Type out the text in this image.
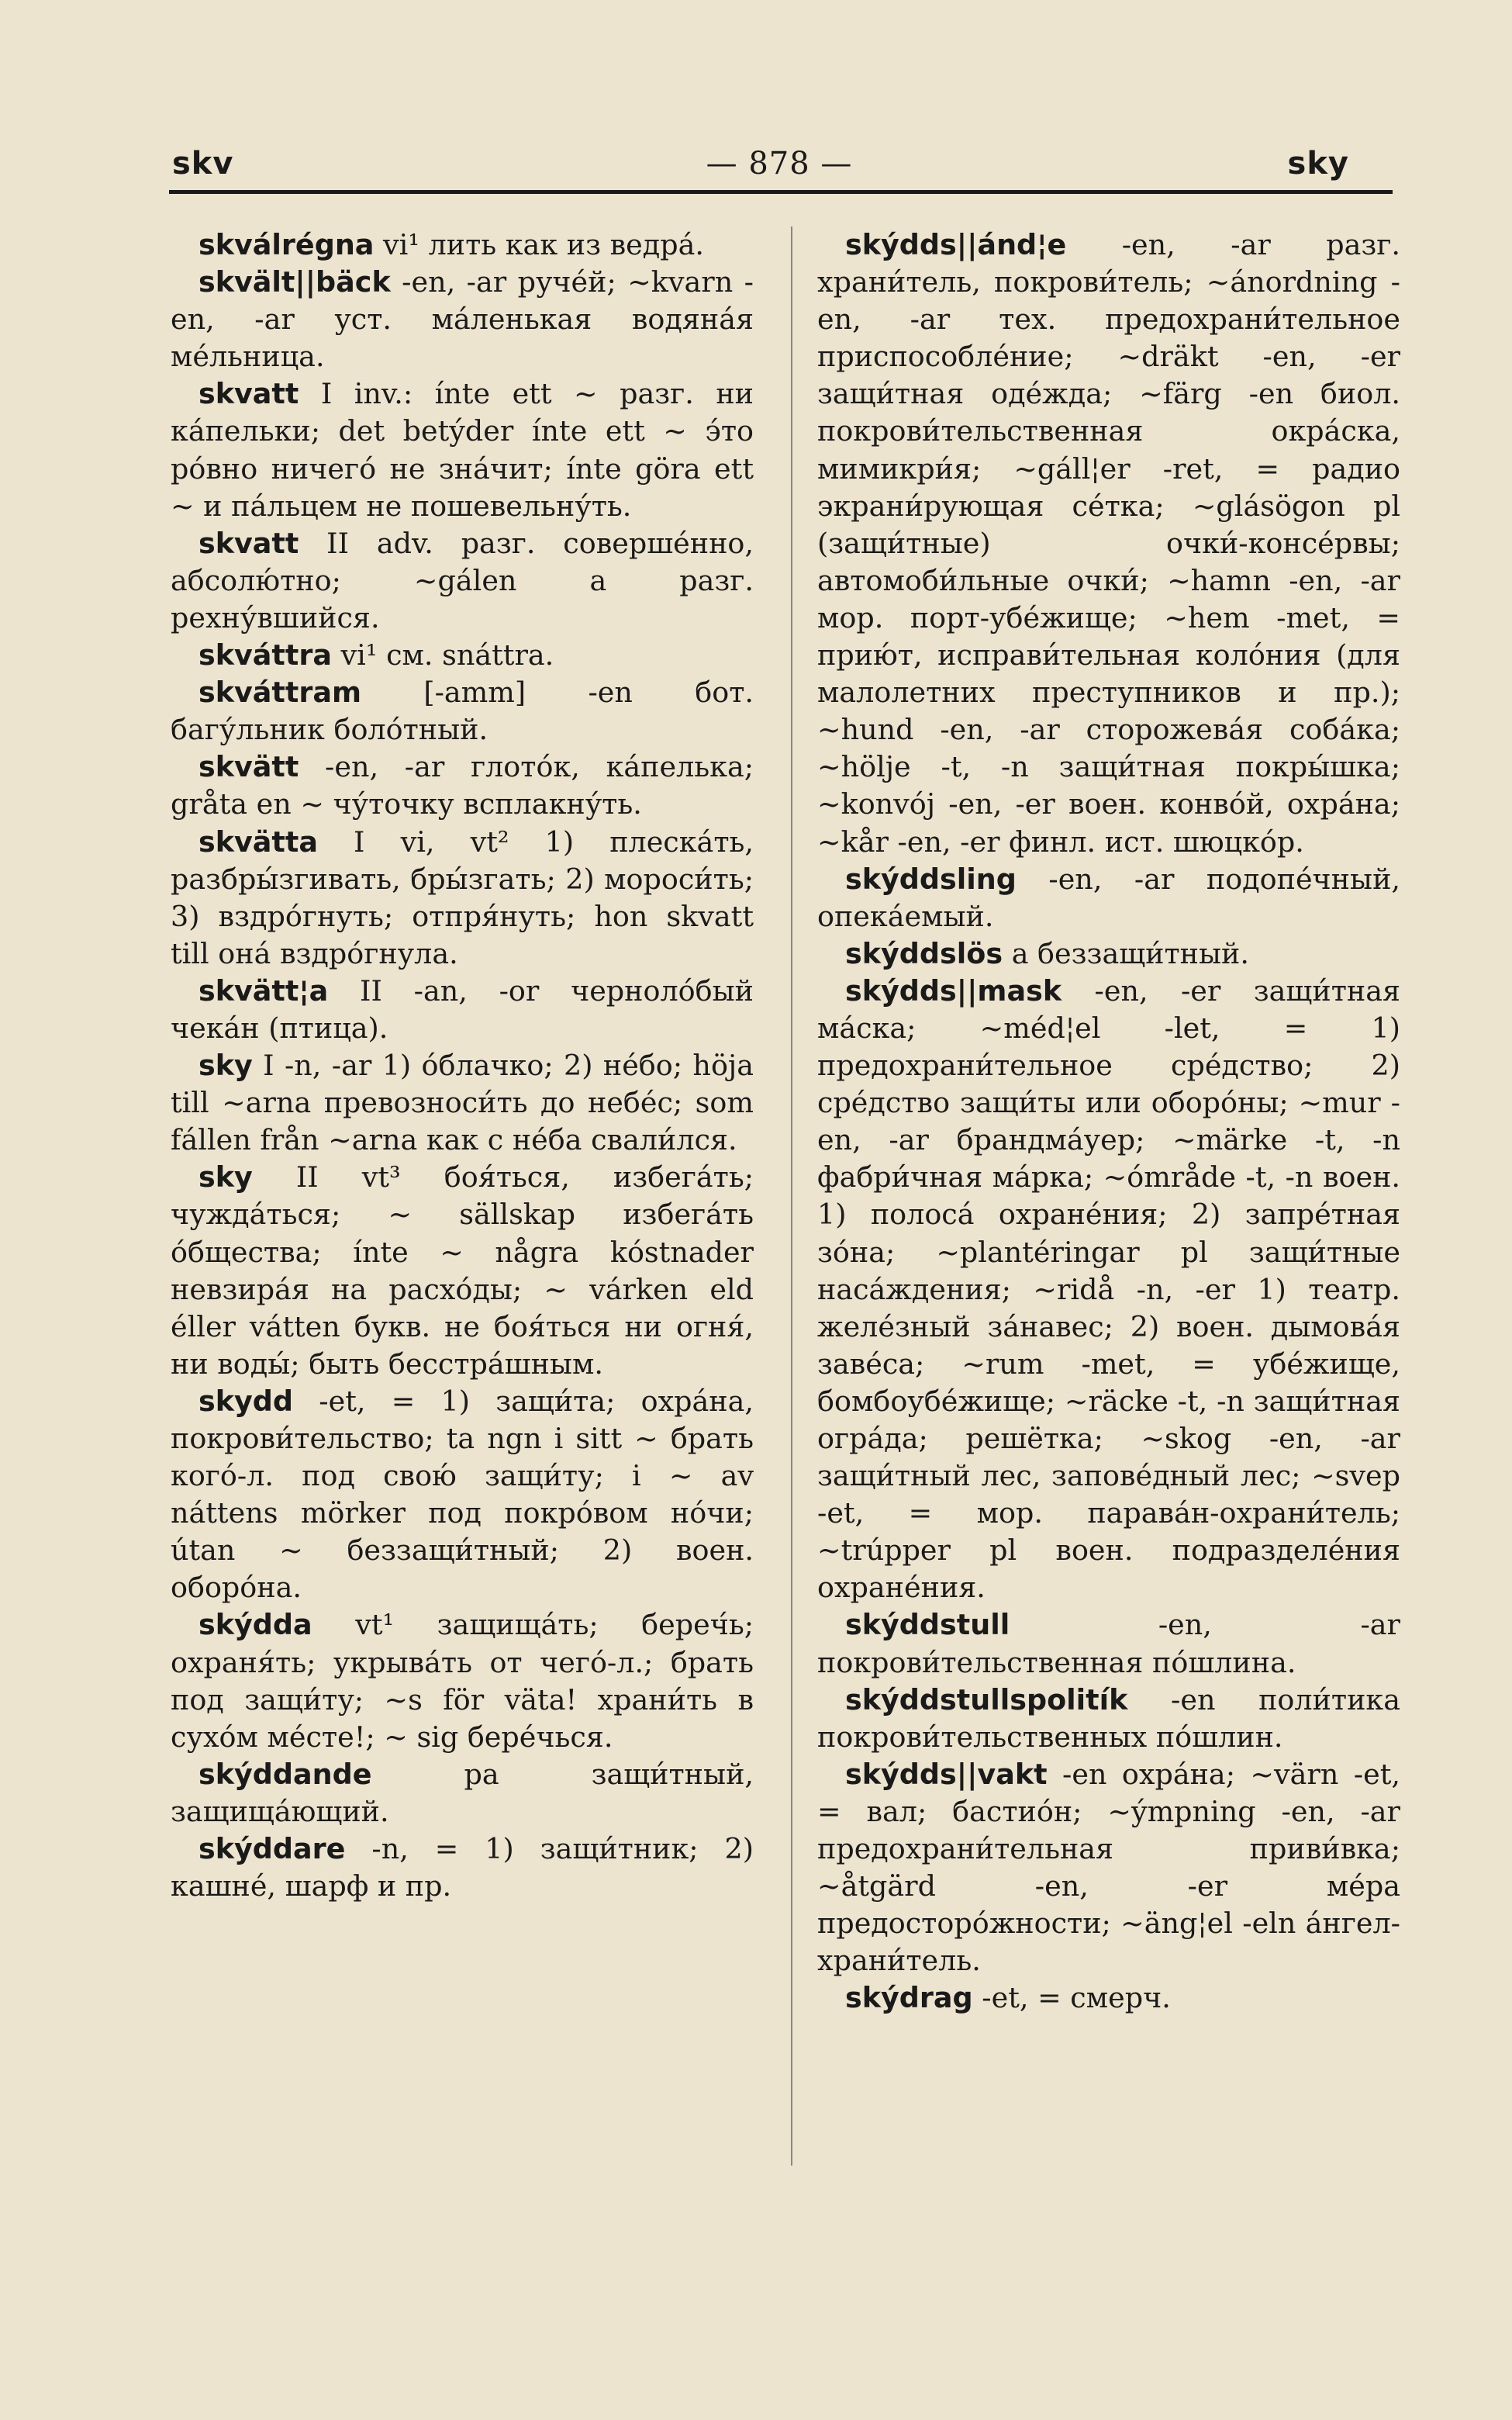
skv	— 878 —	sky

skválrégna vi¹ лить как из ведра́.

skvält||bäck -en, -ar руче́й; ~kvarn -en, -ar уст. ма́ленькая водяна́я ме́льница.

skvatt I inv.: ínte ett ~ разг. ни ка́пельки; det betýder ínte ett ~ э́то ро́вно ничего́ не зна́чит; ínte göra ett ~ и па́льцем не пошевельну́ть.

skvatt II adv. разг. соверше́нно, абсолю́тно; ~gálen a разг. рехну́вшийся.

skváttra vi¹ см. snáttra.

skváttram [-amm] -en бот. багу́льник боло́тный.

skvätt -en, -ar глото́к, ка́пелька; gråta en ~ чу́точку всплакну́ть.

skvätta I vi, vt² 1) плеска́ть, разбры́згивать, бры́згать; 2) мороси́ть; 3) вздро́гнуть; отпря́нуть; hon skvatt till она́ вздро́гнула.

skvätt¦a II -an, -or черноло́бый чека́н (птица).

sky I -n, -ar 1) о́блачко; 2) не́бо; höja till ~arna превозноси́ть до небе́с; som fállen från ~arna как с не́ба свали́лся.

sky II vt³ боя́ться, избега́ть; чужда́ться; ~ sällskap избега́ть о́бщества; ínte ~ några kóstnader невзира́я на расхо́ды; ~ várken eld éller vátten букв. не боя́ться ни огня́, ни воды́; быть бесстра́шным.

skydd -et, = 1) защи́та; охра́на, покрови́тельство; ta ngn i sitt ~ брать кого́-л. под свою́ защи́ту; i ~ av náttens mörker под покро́вом но́чи; útan ~ беззащи́тный; 2) воен. оборо́на.

skýdda vt¹ защища́ть; береч́ь; охраня́ть; укрыва́ть от чего́-л.; брать под защи́ту; ~s för väta! храни́ть в сухо́м ме́сте!; ~ sig бере́чься.

skýddande pa защи́тный, защища́ющий.

skýddare -n, = 1) защи́тник; 2) кашне́, шарф и пр.

skýdds||ánd¦e -en, -ar разг. храни́тель, покрови́тель; ~ánordning -en, -ar тех. предохрани́тельное приспособле́ние; ~dräkt -en, -er защи́тная оде́жда; ~färg -en биол. покрови́тельственная окра́ска, мимикри́я; ~gáll¦er -ret, = радио экрани́рующая се́тка; ~glásögon pl (защи́тные) очки́-консе́рвы; автомоби́льные очки́; ~hamn -en, -ar мор. порт-убе́жище; ~hem -met, = прию́т, исправи́тельная коло́ния (для малолетних преступников и пр.); ~hund -en, -ar сторожева́я соба́ка; ~hölje -t, -n защи́тная покры́шка; ~konvój -en, -er воен. конво́й, охра́на; ~kår -en, -er финл. ист. шюцко́р.

skýddsling -en, -ar подопе́чный, опека́емый.

skýddslös a беззащи́тный.

skýdds||mask -en, -er защи́тная ма́ска; ~méd¦el -let, = 1) предохрани́тельное сре́дство; 2) сре́дство защи́ты или оборо́ны; ~mur -en, -ar брандма́уер; ~märke -t, -n фабри́чная ма́рка; ~ómråde -t, -n воен. 1) полоса́ охране́ния; 2) запре́тная зо́на; ~plantéringar pl защи́тные наса́ждения; ~ridå -n, -er 1) театр. желе́зный за́навес; 2) воен. дымова́я заве́са; ~rum -met, = убе́жище, бомбоубе́жище; ~räcke -t, -n защи́тная огра́да; решётка; ~skog -en, -ar защи́тный лес, запове́дный лес; ~svep -et, = мор. парава́н-охрани́тель; ~trúpper pl воен. подразделе́ния охране́ния.

skýddstull -en, -ar покрови́тельственная по́шлина.

skýddstullspolitík -en поли́тика покрови́тельственных по́шлин.

skýdds||vakt -en охра́на; ~värn -et, = вал; бастио́н; ~ýmpning -en, -ar предохрани́тельная приви́вка; ~åtgärd -en, -er ме́ра предосторо́жности; ~äng¦el -eln а́нгел-храни́тель.

skýdrag -et, = смерч.
